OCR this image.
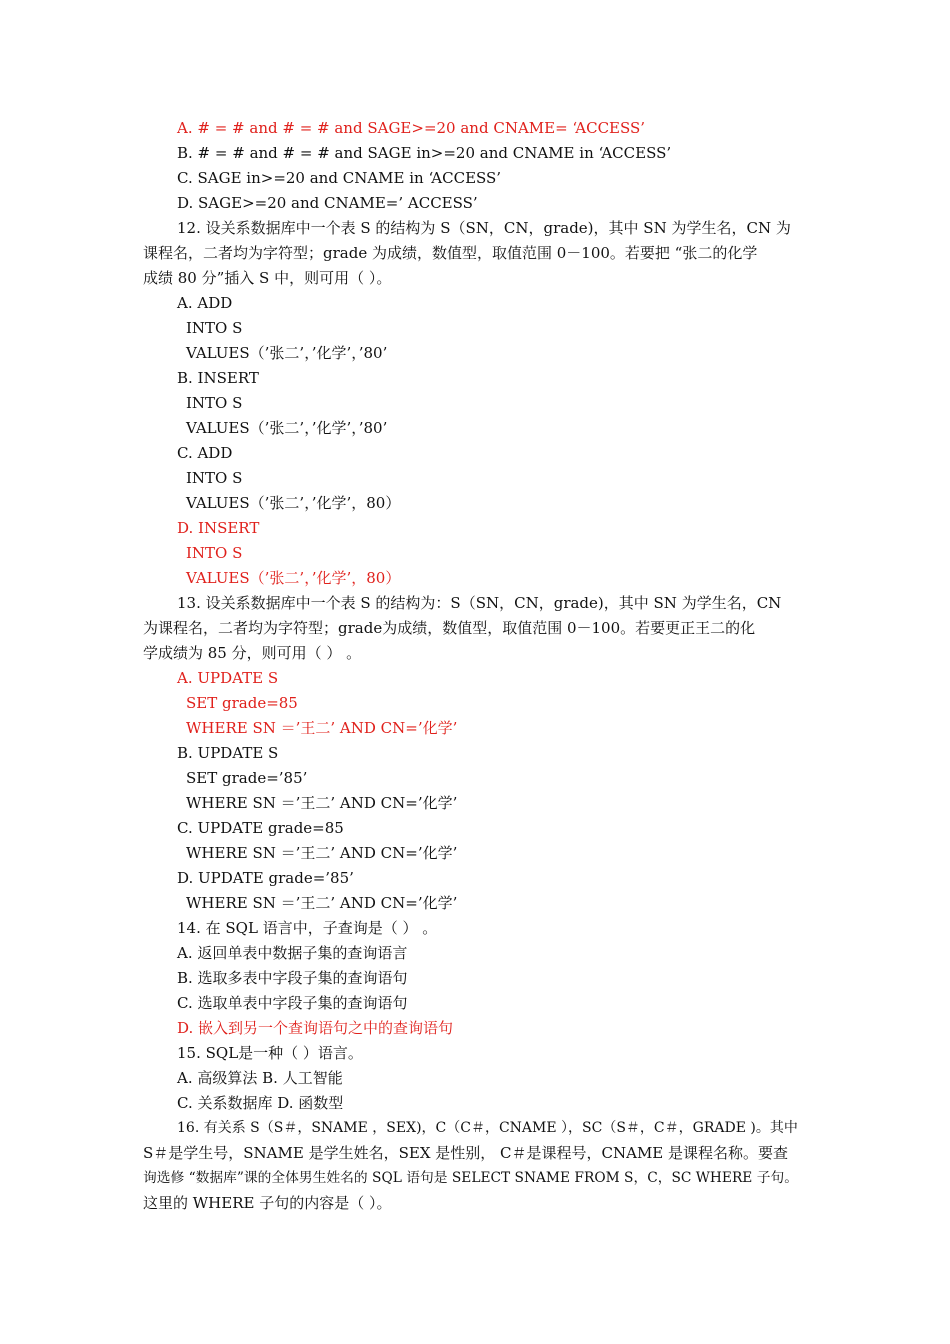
A. # = # and # = # and SAGE>=20 and CNAME= ‘ACCESS’
B. # = # and # = # and SAGE in>=20 and CNAME in ‘ACCESS’
C. SAGE in>=20 and CNAME in ‘ACCESS’
D. SAGE>=20 and CNAME=’ ACCESS’
12. 设关系数据库中一个表 S 的结构为 S（SN，CN，grade)，其中 SN 为学生名，CN 为
课程名，二者均为字符型；grade 为成绩，数值型，取值范围 0－100。若要把 “张二的化学
成绩 80 分”插入 S 中，则可用（ ）。
A. ADD
INTO S
VALUES（’张二’，’化学’，’80’
B. INSERT
INTO S
VALUES（’张二’，’化学’，’80’
C. ADD
INTO S
VALUES（’张二’，’化学’，80）
D. INSERT
INTO S
VALUES（’张二’，’化学’，80）
13. 设关系数据库中一个表 S 的结构为：S（SN，CN，grade)，其中 SN 为学生名，CN
为课程名，二者均为字符型；grade为成绩，数值型，取值范围 0－100。若要更正王二的化
学成绩为 85 分，则可用（ ） 。
A. UPDATE S
SET grade=85
WHERE SN ＝’王二’ AND CN=’化学’
B. UPDATE S
SET grade=’85’
WHERE SN ＝’王二’ AND CN=’化学’
C. UPDATE grade=85
WHERE SN ＝’王二’ AND CN=’化学’
D. UPDATE grade=’85’
WHERE SN ＝’王二’ AND CN=’化学’
14. 在 SQL 语言中，子查询是（ ） 。
A. 返回单表中数据子集的查询语言
B. 选取多表中字段子集的查询语句
C. 选取单表中字段子集的查询语句
D. 嵌入到另一个查询语句之中的查询语句
15. SQL是一种（ ）语言。
A. 高级算法 B. 人工智能
C. 关系数据库 D. 函数型
16. 有关系 S（S＃，SNAME ，SEX)，C（C＃，CNAME ），SC（S＃，C＃，GRADE )。其中
S＃是学生号，SNAME 是学生姓名，SEX 是性别， C＃是课程号，CNAME 是课程名称。要查
询选修 “数据库”课的全体男生姓名的 SQL 语句是 SELECT SNAME FROM S，C，SC WHERE 子句。
这里的 WHERE 子句的内容是（ ）。
